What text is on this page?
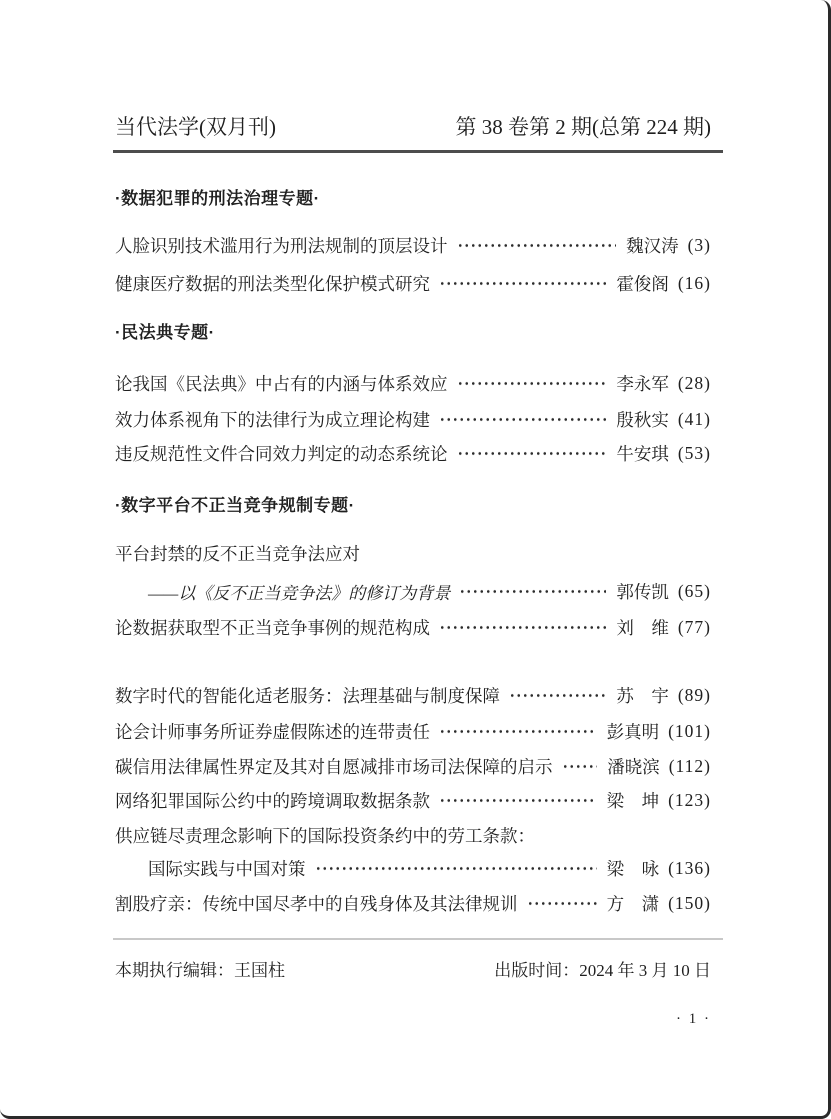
当代法学(双月刊)	第 38 卷第 2 期(总第 224 期)
·数据犯罪的刑法治理专题·
人脸识别技术滥用行为刑法规制的顶层设计	魏汉涛 (3)
健康医疗数据的刑法类型化保护模式研究	霍俊阁 (16)
·民法典专题·
论我国《民法典》中占有的内涵与体系效应	李永军 (28)
效力体系视角下的法律行为成立理论构建	殷秋实 (41)
违反规范性文件合同效力判定的动态系统论	牛安琪 (53)
·数字平台不正当竞争规制专题·
平台封禁的反不正当竞争法应对
——以《反不正当竞争法》的修订为背景	郭传凯 (65)
论数据获取型不正当竞争事例的规范构成	刘　维 (77)
数字时代的智能化适老服务：法理基础与制度保障	苏　宇 (89)
论会计师事务所证券虚假陈述的连带责任	彭真明 (101)
碳信用法律属性界定及其对自愿减排市场司法保障的启示	潘晓滨 (112)
网络犯罪国际公约中的跨境调取数据条款	梁　坤 (123)
供应链尽责理念影响下的国际投资条约中的劳工条款：
国际实践与中国对策	梁　咏 (136)
割股疗亲：传统中国尽孝中的自残身体及其法律规训	方　潇 (150)
本期执行编辑：王国柱	出版时间：2024 年 3 月 10 日
· 1 ·
